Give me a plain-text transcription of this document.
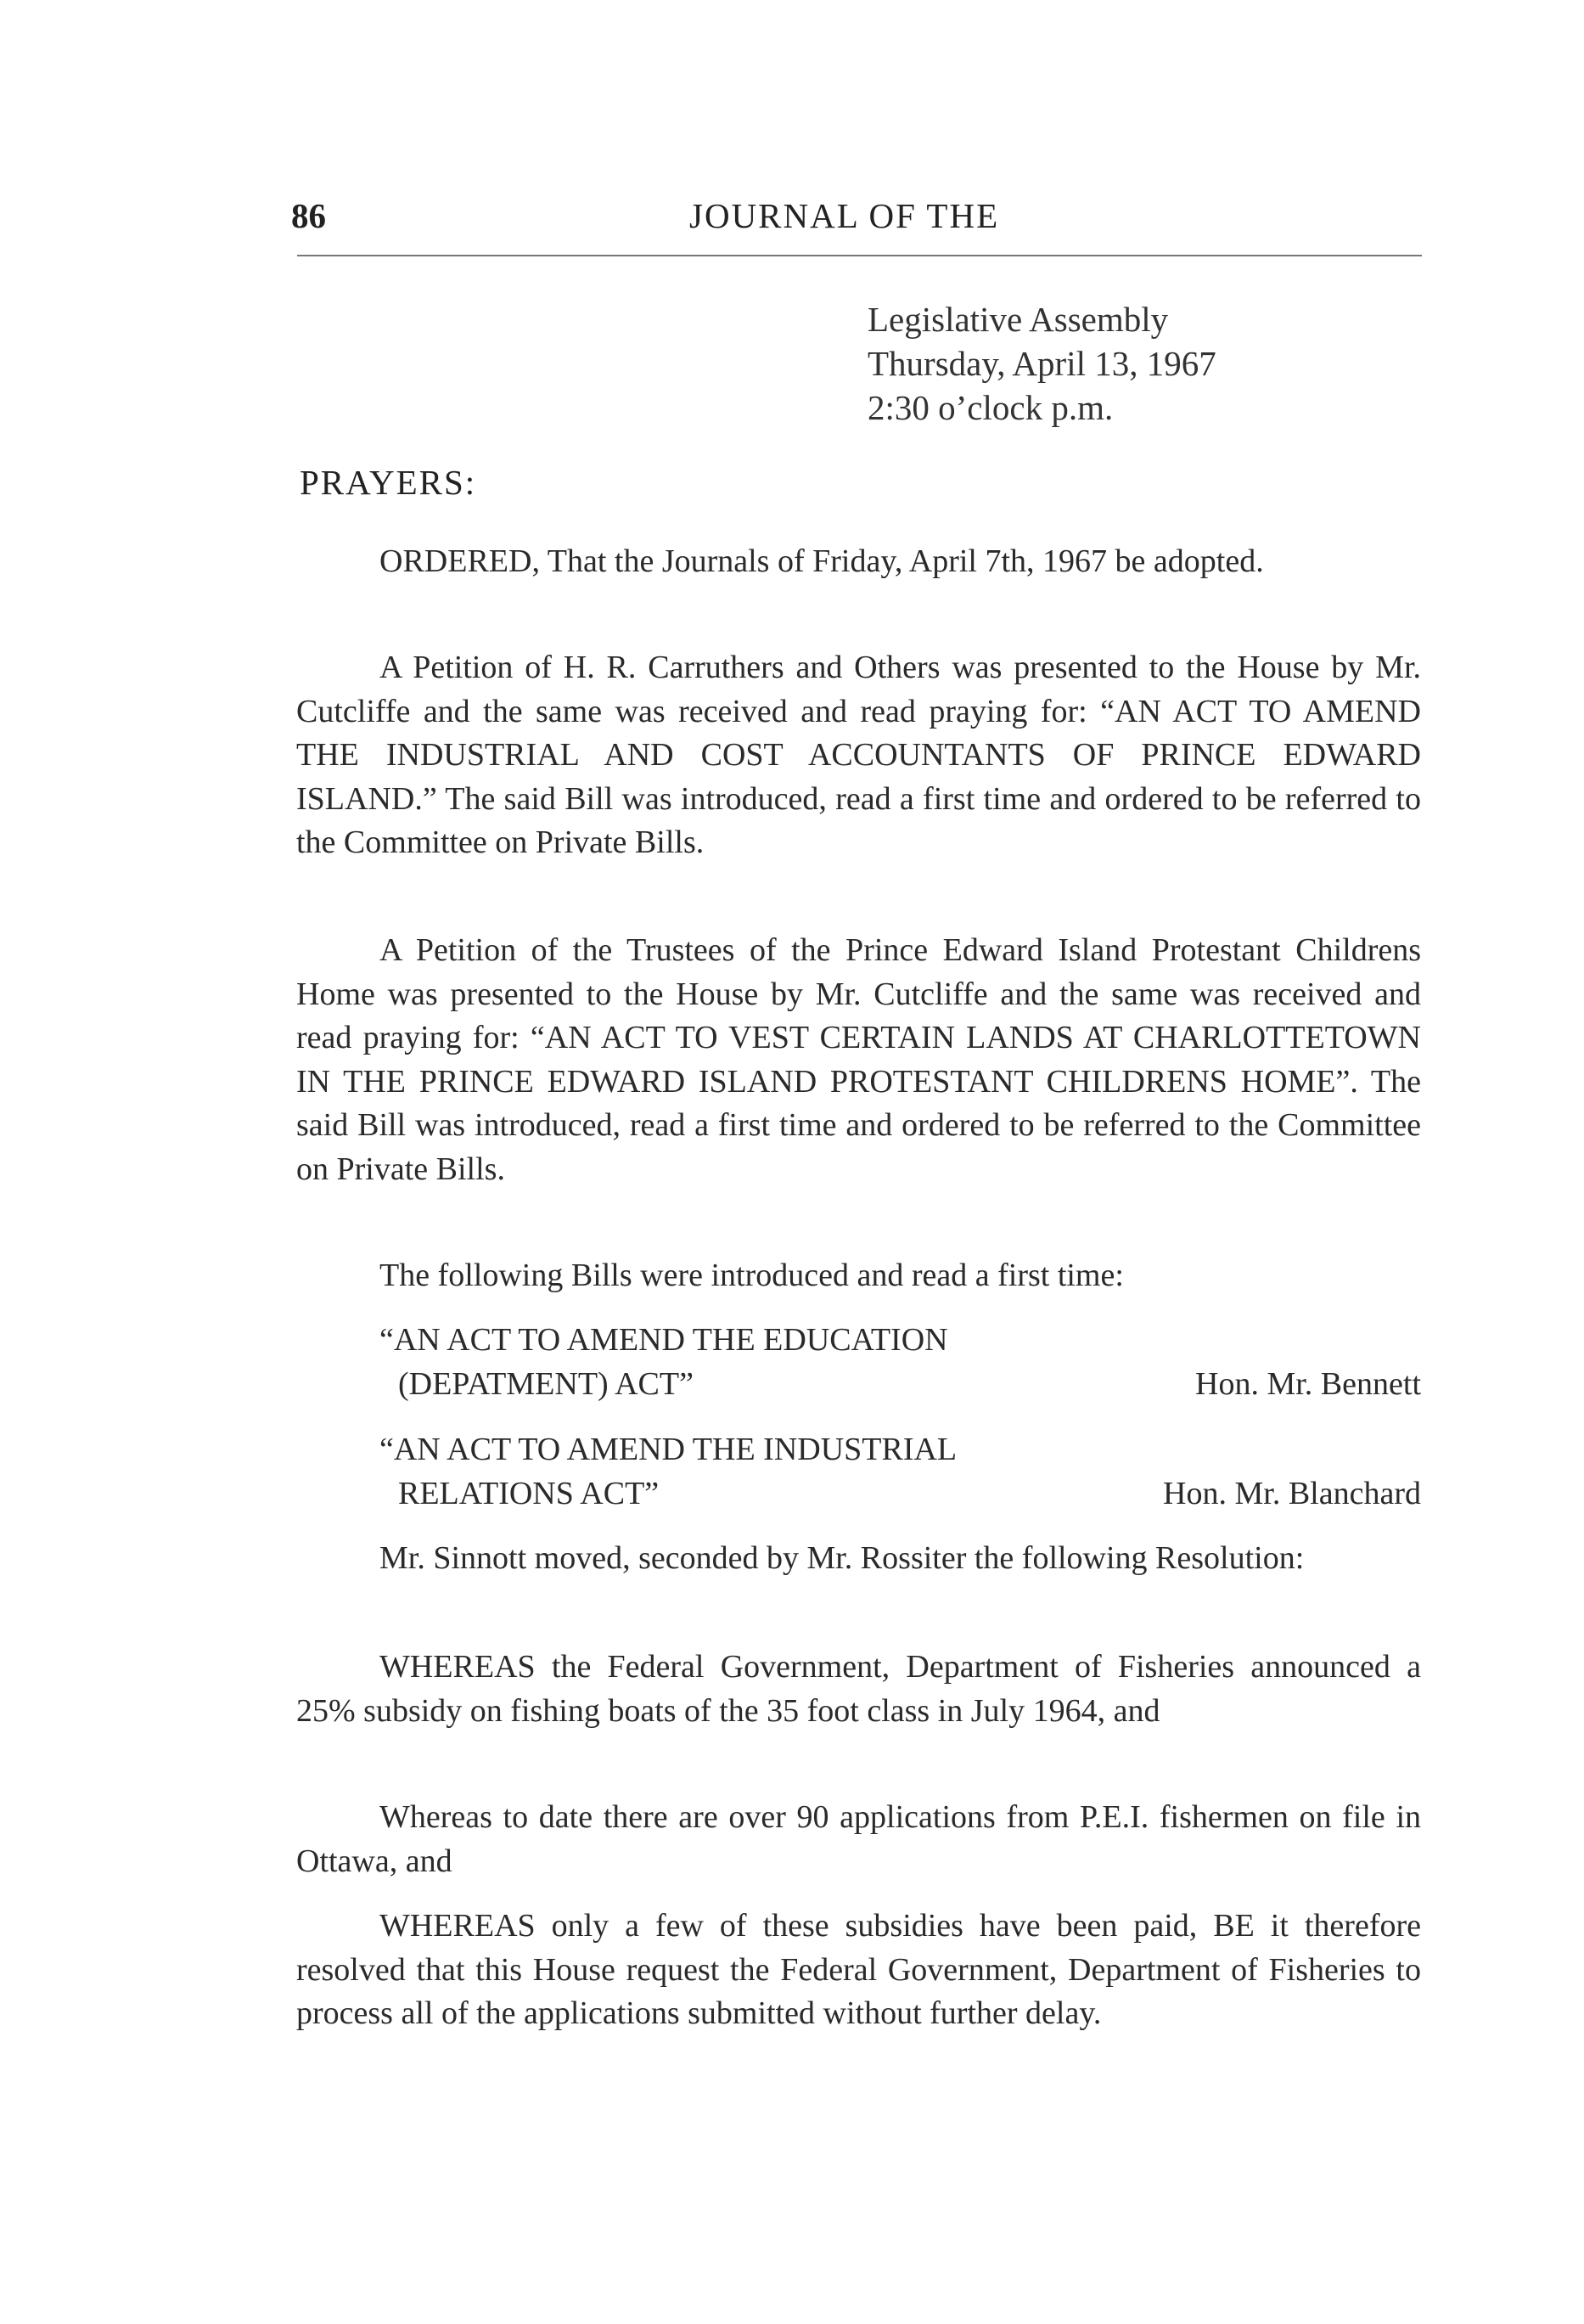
86	JOURNAL OF THE
Legislative Assembly
Thursday, April 13, 1967
2:30 o’clock p.m.
PRAYERS:

ORDERED, That the Journals of Friday, April 7th, 1967 be adopted.

A Petition of H. R. Carruthers and Others was presented to the House by Mr. Cutcliffe and the same was received and read praying for: “AN ACT TO AMEND THE INDUSTRIAL AND COST ACCOUNTANTS OF PRINCE EDWARD ISLAND.” The said Bill was introduced, read a first time and ordered to be referred to the Committee on Private Bills.

A Petition of the Trustees of the Prince Edward Island Protestant Childrens Home was presented to the House by Mr. Cutcliffe and the same was received and read praying for: “AN ACT TO VEST CERTAIN LANDS AT CHARLOTTETOWN IN THE PRINCE EDWARD ISLAND PROTESTANT CHILDRENS HOME”. The said Bill was introduced, read a first time and ordered to be referred to the Committee on Private Bills.

The following Bills were introduced and read a first time:

“AN ACT TO AMEND THE EDUCATION
(DEPATMENT) ACT”	Hon. Mr. Bennett
“AN ACT TO AMEND THE INDUSTRIAL
RELATIONS ACT”	Hon. Mr. Blanchard

Mr. Sinnott moved, seconded by Mr. Rossiter the following Resolution:

WHEREAS the Federal Government, Department of Fisheries announced a 25% subsidy on fishing boats of the 35 foot class in July 1964, and

Whereas to date there are over 90 applications from P.E.I. fishermen on file in Ottawa, and

WHEREAS only a few of these subsidies have been paid, BE it therefore resolved that this House request the Federal Government, Department of Fisheries to process all of the applications submitted without further delay.
